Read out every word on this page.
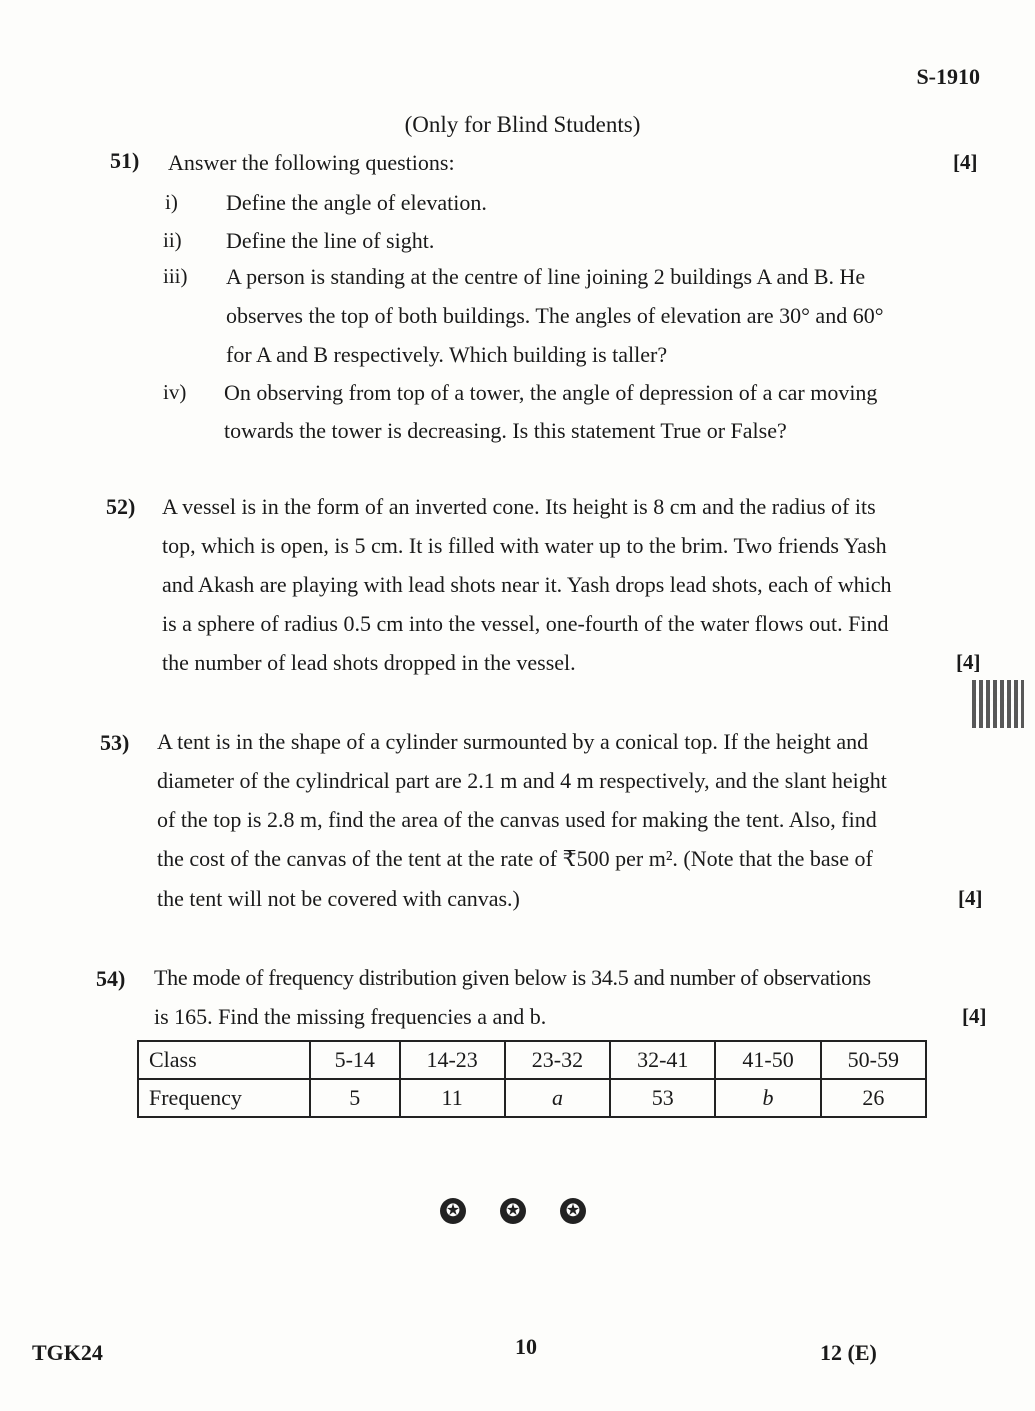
S-1910
(Only for Blind Students)
51) Answer the following questions:	[4]
i) Define the angle of elevation.
ii) Define the line of sight.
iii) A person is standing at the centre of line joining 2 buildings A and B. He
observes the top of both buildings. The angles of elevation are 30° and 60°
for A and B respectively. Which building is taller?
iv) On observing from top of a tower, the angle of depression of a car moving
towards the tower is decreasing. Is this statement True or False?
52) A vessel is in the form of an inverted cone. Its height is 8 cm and the radius of its
top, which is open, is 5 cm. It is filled with water up to the brim. Two friends Yash
and Akash are playing with lead shots near it. Yash drops lead shots, each of which
is a sphere of radius 0.5 cm into the vessel, one-fourth of the water flows out. Find
the number of lead shots dropped in the vessel.	[4]
53) A tent is in the shape of a cylinder surmounted by a conical top. If the height and
diameter of the cylindrical part are 2.1 m and 4 m respectively, and the slant height
of the top is 2.8 m, find the area of the canvas used for making the tent. Also, find
the cost of the canvas of the tent at the rate of ₹500 per m². (Note that the base of
the tent will not be covered with canvas.)	[4]
54) The mode of frequency distribution given below is 34.5 and number of observations
is 165. Find the missing frequencies a and b.	[4]
Class	5-14	14-23	23-32	32-41	41-50	50-59
Frequency	5	11	a	53	b	26
✪	✪	✪
TGK24	10	12 (E)
